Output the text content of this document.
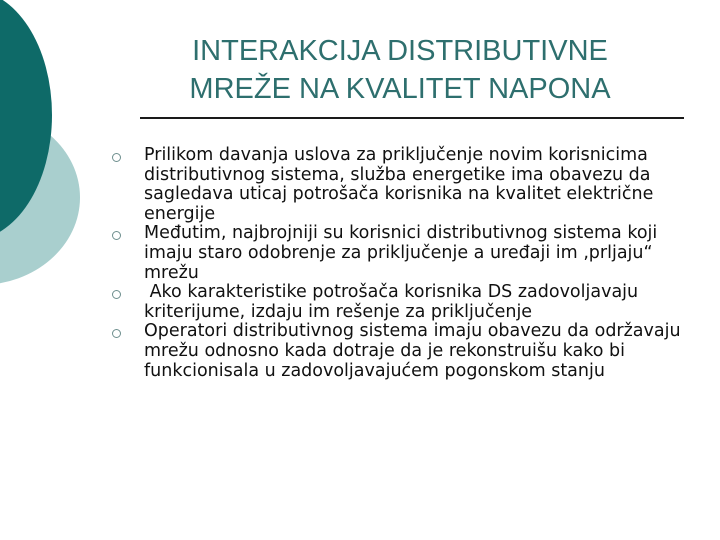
INTERAKCIJA DISTRIBUTIVNE
MREŽE NA KVALITET NAPONA
Prilikom davanja uslova za priključenje novim korisnicima distributivnog sistema, služba energetike ima obavezu da sagledava uticaj potrošača korisnika na kvalitet električne energije
Međutim, najbrojniji su korisnici distributivnog sistema koji imaju staro odobrenje za priključenje a uređaji im ‚prljaju“ mrežu
Ako karakteristike potrošača korisnika DS zadovoljavaju kriterijume, izdaju im rešenje za priključenje
Operatori distributivnog sistema imaju obavezu da održavaju mrežu odnosno kada dotraje da je rekonstruišu kako bi funkcionisala u zadovoljavajućem pogonskom stanju
